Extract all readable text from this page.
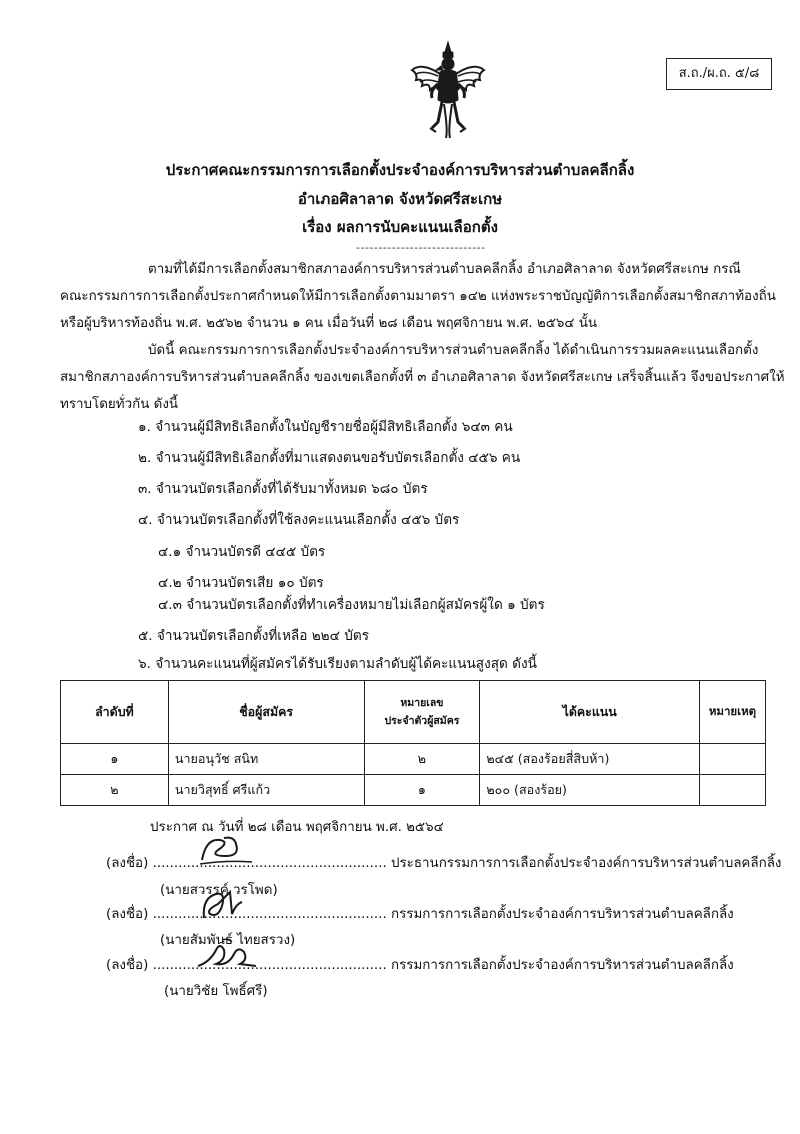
ส.ถ./ผ.ถ. ๕/๘
ประกาศคณะกรรมการการเลือกตั้งประจำองค์การบริหารส่วนตำบลคลีกลิ้ง
อำเภอศิลาลาด จังหวัดศรีสะเกษ
เรื่อง ผลการนับคะแนนเลือกตั้ง
-----------------------------
ตามที่ได้มีการเลือกตั้งสมาชิกสภาองค์การบริหารส่วนตำบลคลีกลิ้ง อำเภอศิลาลาด จังหวัดศรีสะเกษ กรณี
คณะกรรมการการเลือกตั้งประกาศกำหนดให้มีการเลือกตั้งตามมาตรา ๑๔๒ แห่งพระราชบัญญัติการเลือกตั้งสมาชิกสภาท้องถิ่น
หรือผู้บริหารท้องถิ่น พ.ศ. ๒๕๖๒ จำนวน ๑ คน เมื่อวันที่ ๒๘ เดือน พฤศจิกายน พ.ศ. ๒๕๖๔ นั้น
บัดนี้ คณะกรรมการการเลือกตั้งประจำองค์การบริหารส่วนตำบลคลีกลิ้ง ได้ดำเนินการรวมผลคะแนนเลือกตั้ง
สมาชิกสภาองค์การบริหารส่วนตำบลคลีกลิ้ง ของเขตเลือกตั้งที่ ๓ อำเภอศิลาลาด จังหวัดศรีสะเกษ เสร็จสิ้นแล้ว จึงขอประกาศให้
ทราบโดยทั่วกัน ดังนี้
๑. จำนวนผู้มีสิทธิเลือกตั้งในบัญชีรายชื่อผู้มีสิทธิเลือกตั้ง ๖๔๓ คน
๒. จำนวนผู้มีสิทธิเลือกตั้งที่มาแสดงตนขอรับบัตรเลือกตั้ง ๔๕๖ คน
๓. จำนวนบัตรเลือกตั้งที่ได้รับมาทั้งหมด ๖๘๐ บัตร
๔. จำนวนบัตรเลือกตั้งที่ใช้ลงคะแนนเลือกตั้ง ๔๕๖ บัตร
๔.๑ จำนวนบัตรดี ๔๔๕ บัตร
๔.๒ จำนวนบัตรเสีย ๑๐ บัตร
๔.๓ จำนวนบัตรเลือกตั้งที่ทำเครื่องหมายไม่เลือกผู้สมัครผู้ใด ๑ บัตร
๕. จำนวนบัตรเลือกตั้งที่เหลือ ๒๒๔ บัตร
๖. จำนวนคะแนนที่ผู้สมัครได้รับเรียงตามลำดับผู้ได้คะแนนสูงสุด ดังนี้
ลำดับที่	ชื่อผู้สมัคร	หมายเลข
ประจำตัวผู้สมัคร	ได้คะแนน	หมายเหตุ
๑	นายอนุวัช สนิท	๒	๒๔๕ (สองร้อยสี่สิบห้า)	
๒	นายวิสุทธิ์ ศรีแก้ว	๑	๒๐๐ (สองร้อย)	
ประกาศ ณ วันที่ ๒๘ เดือน พฤศจิกายน พ.ศ. ๒๕๖๔
(ลงชื่อ) ....................................................... ประธานกรรมการการเลือกตั้งประจำองค์การบริหารส่วนตำบลคลีกลิ้ง
(นายสวรรค์ วรโพด)
(ลงชื่อ) ....................................................... กรรมการการเลือกตั้งประจำองค์การบริหารส่วนตำบลคลีกลิ้ง
(นายสัมพันธ์ ไทยสรวง)
(ลงชื่อ) ....................................................... กรรมการการเลือกตั้งประจำองค์การบริหารส่วนตำบลคลีกลิ้ง
(นายวิชัย โพธิ์ศรี)
